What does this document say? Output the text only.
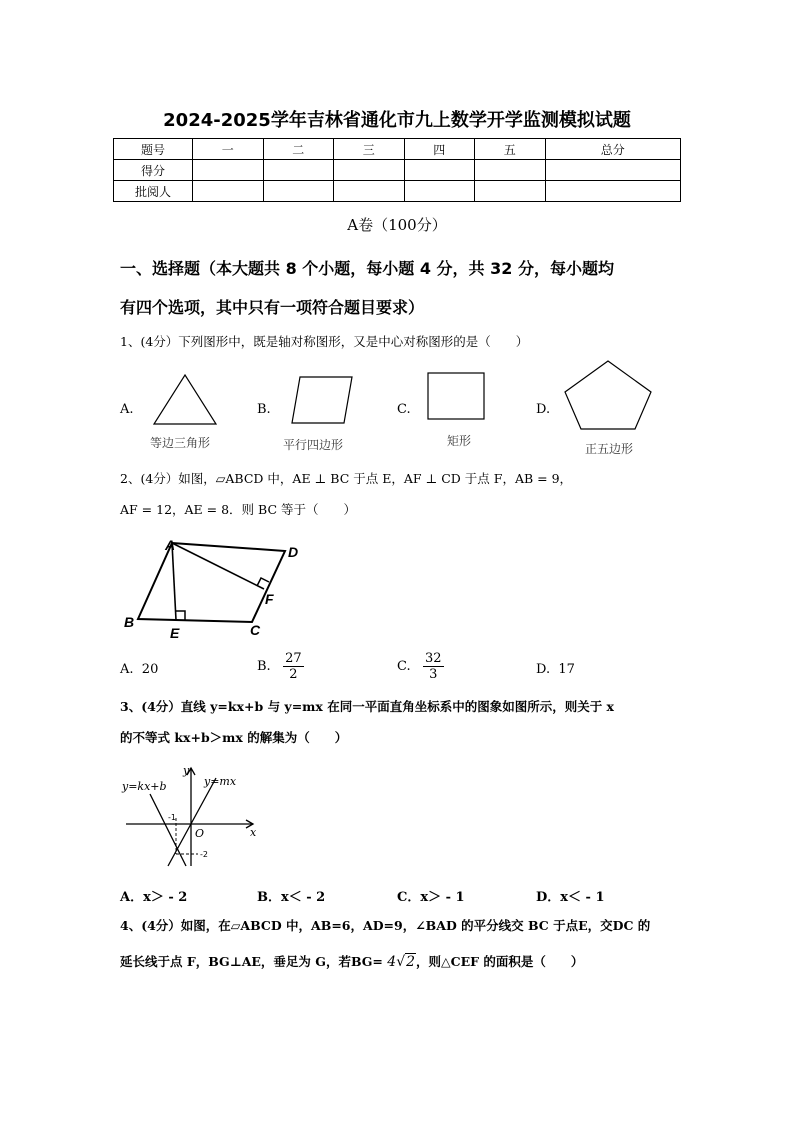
2024-2025学年吉林省通化市九上数学开学监测模拟试题
题号	一	二	三	四	五	总分
得分						
批阅人						
A卷（100分）
一、选择题（本大题共 8 个小题，每小题 4 分，共 32 分，每小题均
有四个选项，其中只有一项符合题目要求）
1、(4分）下列图形中，既是轴对称图形，又是中心对称图形的是（　　）
A.
等边三角形
B.
平行四边形
C.
矩形
D.
正五边形
2、(4分）如图，▱ABCD 中，AE ⊥ BC 于点 E，AF ⊥ CD 于点 F，AB = 9，
AF = 12，AE = 8．则 BC 等于（　　）
A	D
B
E	C
F
A. 20	B. $\frac{27}{2}$	C. $\frac{32}{3}$	D. 17
3、(4分）直线 y=kx+b 与 y=mx 在同一平面直角坐标系中的图象如图所示，则关于 x
的不等式 kx+b＞mx 的解集为（　　）
y=kx+b	y=mx
y
x
O
-1
-2
A．x＞ - 2	B．x＜ - 2	C．x＞ - 1	D．x＜ - 1
4、(4分）如图，在▱ABCD 中，AB=6，AD=9，∠BAD 的平分线交 BC 于点E，交DC 的
延长线于点 F，BG⊥AE，垂足为 G，若BG= 4√2，则△CEF 的面积是（　　）
